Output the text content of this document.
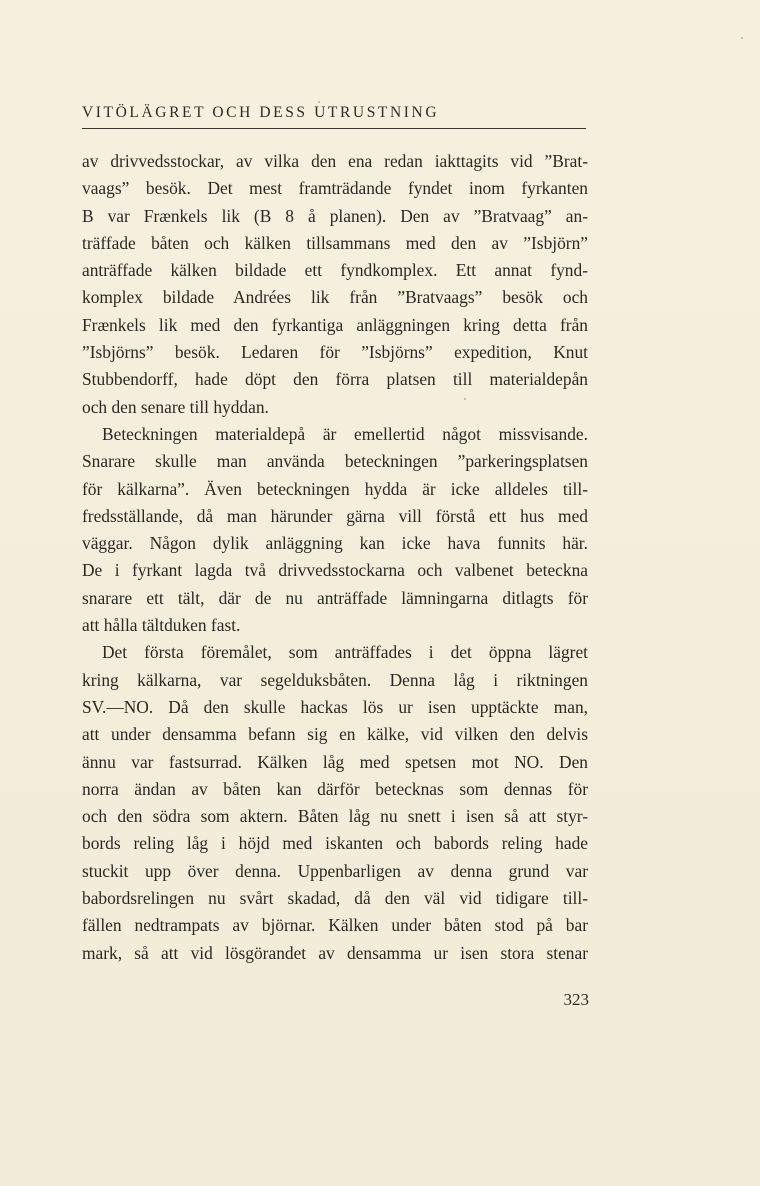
VITÖLÄGRET OCH DESS UTRUSTNING

av drivvedsstockar, av vilka den ena redan iakttagits vid ”Brat-

vaags” besök. Det mest framträdande fyndet inom fyrkanten

B var Frænkels lik (B 8 å planen). Den av ”Bratvaag” an-

träffade båten och kälken tillsammans med den av ”Isbjörn”

anträffade kälken bildade ett fyndkomplex. Ett annat fynd-

komplex bildade Andrées lik från ”Bratvaags” besök och

Frænkels lik med den fyrkantiga anläggningen kring detta från

”Isbjörns” besök. Ledaren för ”Isbjörns” expedition, Knut

Stubbendorff, hade döpt den förra platsen till materialdepån

och den senare till hyddan.

Beteckningen materialdepå är emellertid något missvisande.

Snarare skulle man använda beteckningen ”parkeringsplatsen

för kälkarna”. Även beteckningen hydda är icke alldeles till-

fredsställande, då man härunder gärna vill förstå ett hus med

väggar. Någon dylik anläggning kan icke hava funnits här.

De i fyrkant lagda två drivvedsstockarna och valbenet betecknа

snarare ett tält, där de nu anträffade lämningarna ditlagts för

att hålla tältduken fast.

Det första föremålet, som anträffades i det öppna lägret

kring kälkarna, var segelduksbåten. Denna låg i riktningen

SV.—NO. Då den skulle hackas lös ur isen upptäckte man,

att under densamma befann sig en kälke, vid vilken den delvis

ännu var fastsurrad. Kälken låg med spetsen mot NO. Den

norra ändan av båten kan därför betecknas som dennas för

och den södra som aktern. Båten låg nu snett i isen så att styr-

bords reling låg i höjd med iskanten och babords reling hade

stuckit upp över denna. Uppenbarligen av denna grund var

babordsrelingen nu svårt skadad, då den väl vid tidigare till-

fällen nedtrampats av björnar. Kälken under båten stod på bar

mark, så att vid lösgörandet av densamma ur isen stora stenar

323
